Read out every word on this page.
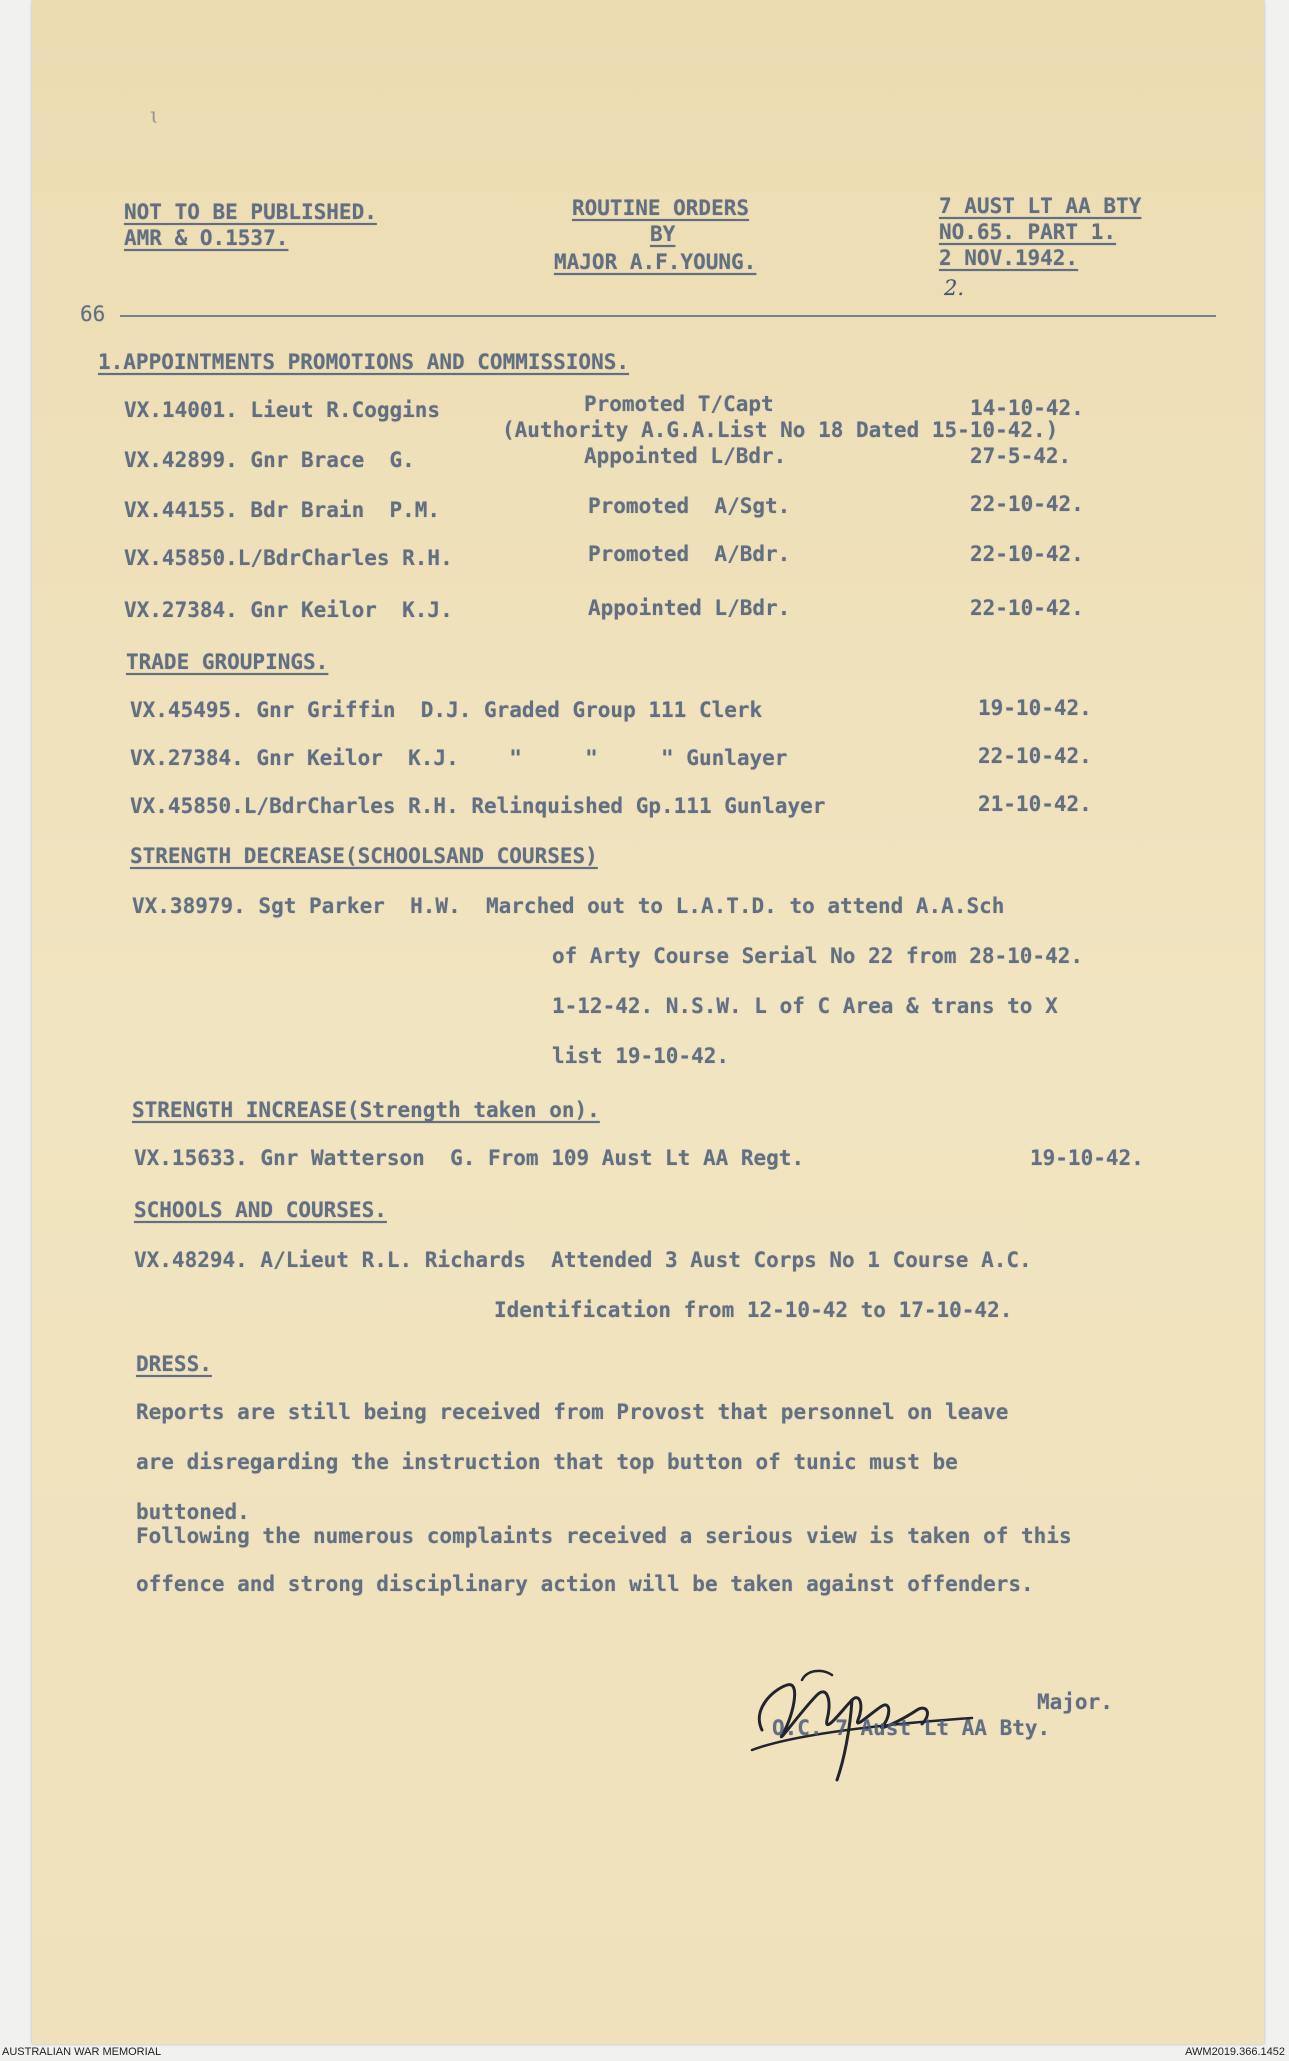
ɩ
NOT TO BE PUBLISHED.
AMR & O.1537.
ROUTINE ORDERS
BY
MAJOR A.F.YOUNG.
7 AUST LT AA BTY
NO.65. PART 1.
2 NOV.1942.
2.
66
1.APPOINTMENTS PROMOTIONS AND COMMISSIONS.
VX.14001. Lieut R.Coggins	Promoted T/Capt	14-10-42.
(Authority A.G.A.List No 18 Dated 15-10-42.)
VX.42899. Gnr Brace  G.	Appointed L/Bdr.	27-5-42.
VX.44155. Bdr Brain  P.M.	Promoted  A/Sgt.	22-10-42.
VX.45850.L/BdrCharles R.H.	Promoted  A/Bdr.	22-10-42.
VX.27384. Gnr Keilor  K.J.	Appointed L/Bdr.	22-10-42.
TRADE GROUPINGS.
VX.45495. Gnr Griffin  D.J. Graded Group 111 Clerk	19-10-42.
VX.27384. Gnr Keilor  K.J.    "     "     " Gunlayer	22-10-42.
VX.45850.L/BdrCharles R.H. Relinquished Gp.111 Gunlayer	21-10-42.
STRENGTH DECREASE(SCHOOLSAND COURSES)
VX.38979. Sgt Parker  H.W.  Marched out to L.A.T.D. to attend A.A.Sch
of Arty Course Serial No 22 from 28-10-42.
1-12-42. N.S.W. L of C Area & trans to X
list 19-10-42.
STRENGTH INCREASE(Strength taken on).
VX.15633. Gnr Watterson  G. From 109 Aust Lt AA Regt.	19-10-42.
SCHOOLS AND COURSES.
VX.48294. A/Lieut R.L. Richards  Attended 3 Aust Corps No 1 Course A.C.
Identification from 12-10-42 to 17-10-42.
DRESS.
Reports are still being received from Provost that personnel on leave
are disregarding the instruction that top button of tunic must be
buttoned.
Following the numerous complaints received a serious view is taken of this
offence and strong disciplinary action will be taken against offenders.
Major.
O.C. 7 Aust Lt AA Bty.
AUSTRALIAN WAR MEMORIAL	AWM2019.366.1452
